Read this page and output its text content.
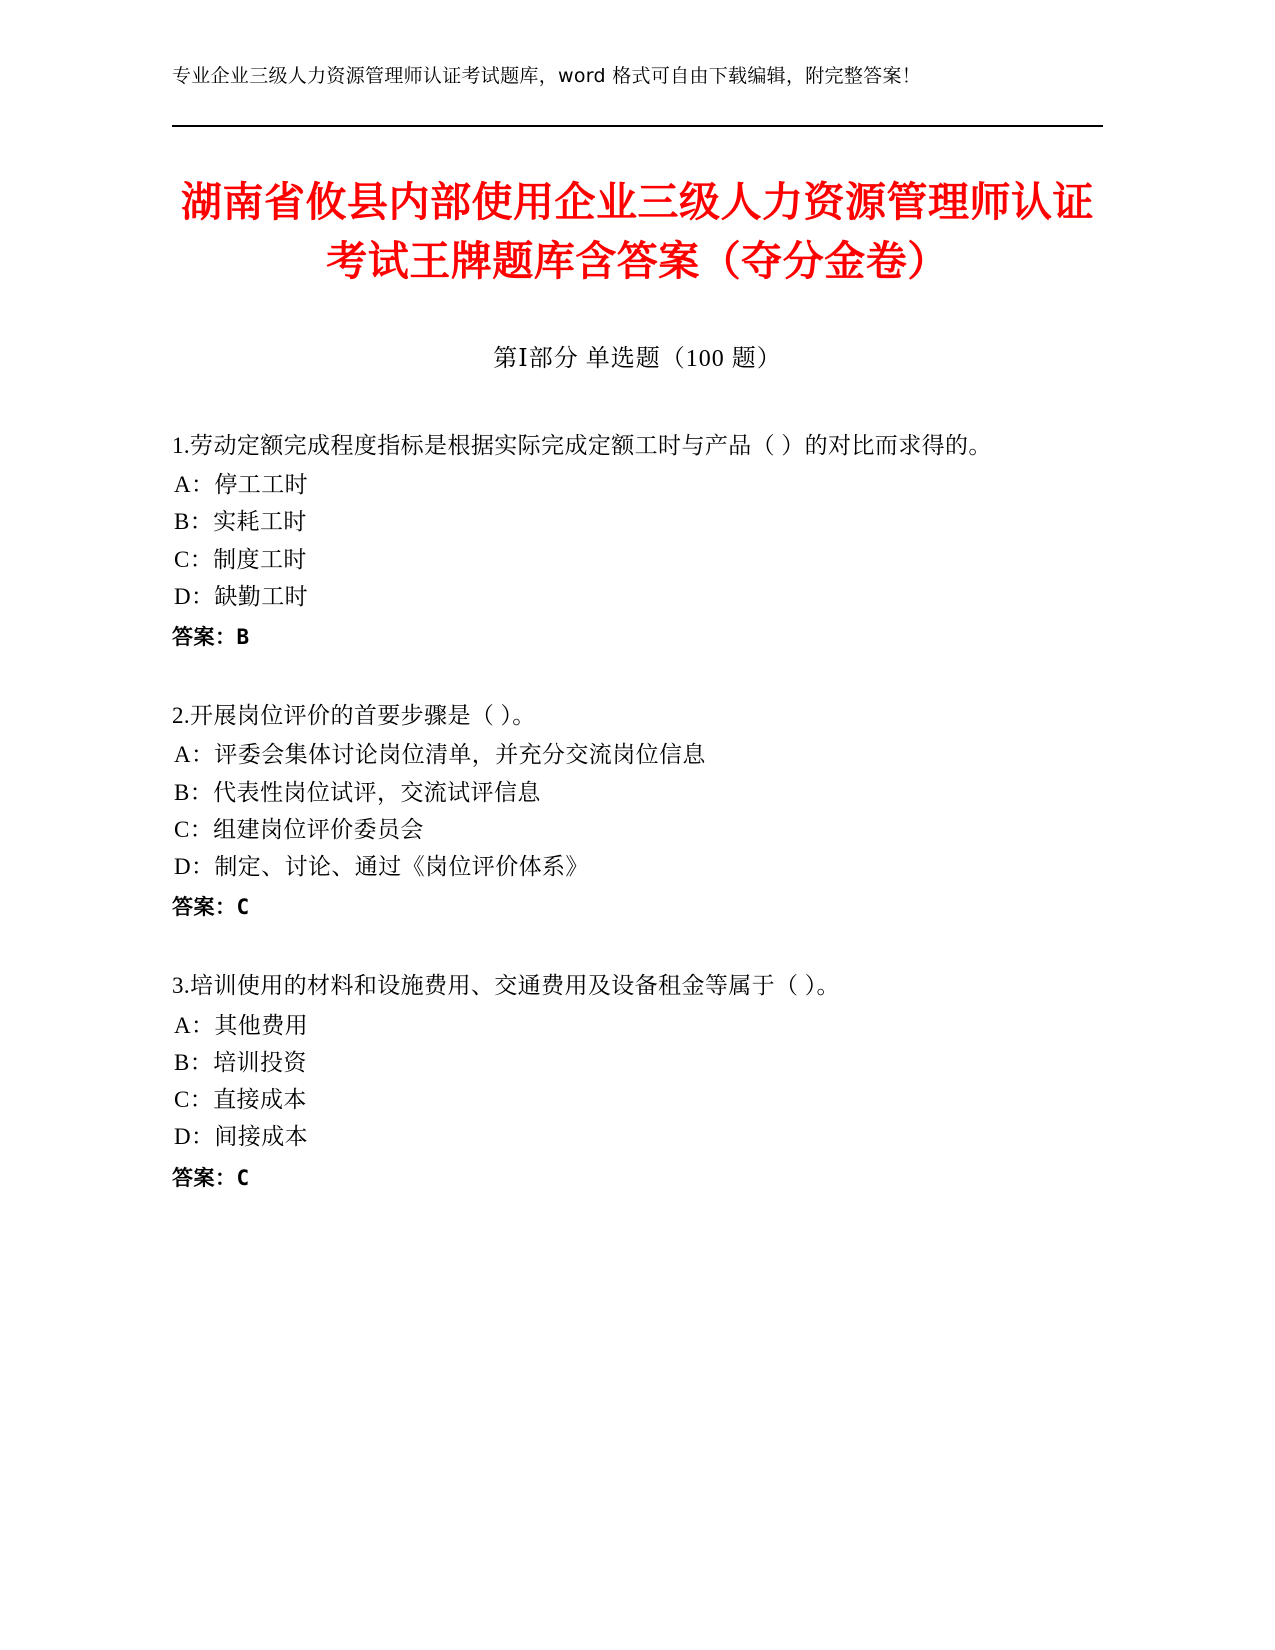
专业企业三级人力资源管理师认证考试题库，word 格式可自由下载编辑，附完整答案！
湖南省攸县内部使用企业三级人力资源管理师认证考试王牌题库含答案（夺分金卷）
第Ⅰ部分 单选题（100 题）
1.劳动定额完成程度指标是根据实际完成定额工时与产品（ ）的对比而求得的。
A：停工工时
B：实耗工时
C：制度工时
D：缺勤工时
答案：B
2.开展岗位评价的首要步骤是（ ）。
A：评委会集体讨论岗位清单，并充分交流岗位信息
B：代表性岗位试评，交流试评信息
C：组建岗位评价委员会
D：制定、讨论、通过《岗位评价体系》
答案：C
3.培训使用的材料和设施费用、交通费用及设备租金等属于（ ）。
A：其他费用
B：培训投资
C：直接成本
D：间接成本
答案：C
